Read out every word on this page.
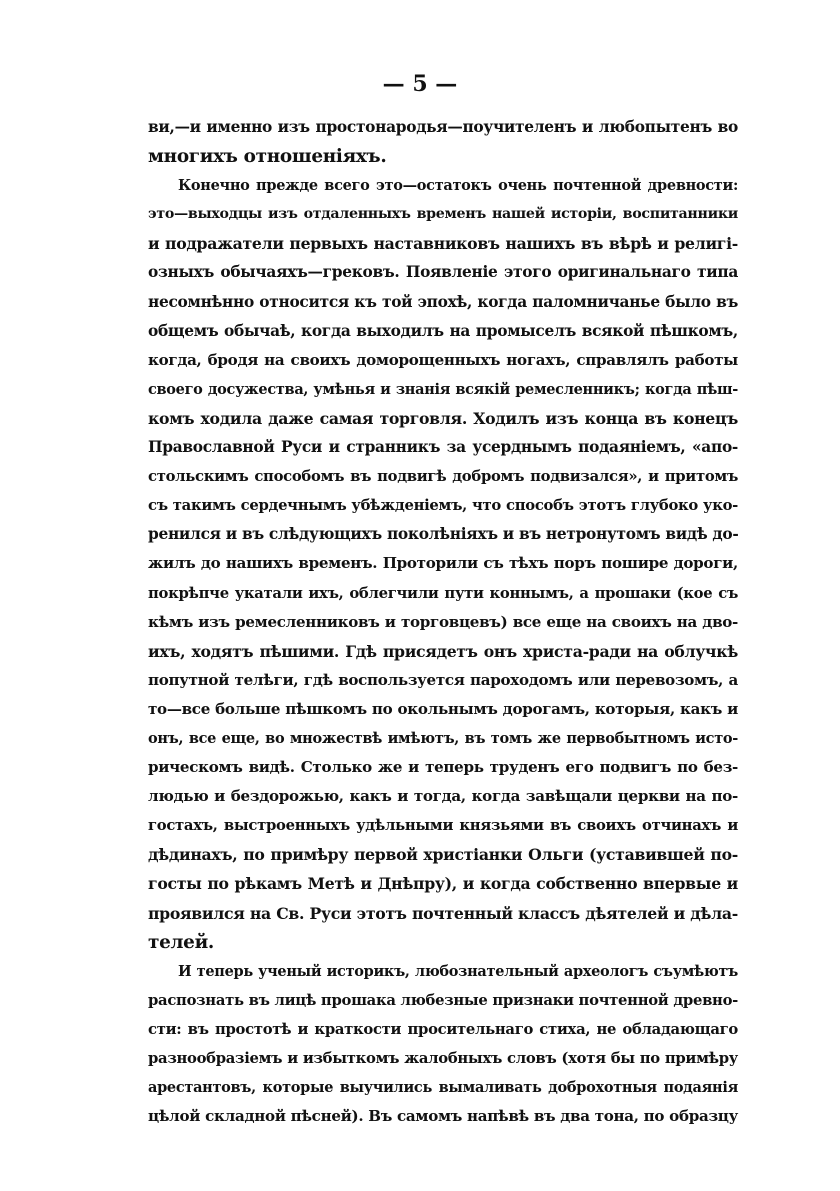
— 5 —
ви,—и именно изъ простонародья—поучителенъ и любопытенъ во
многихъ отношеніяхъ.
Конечно прежде всего это—остатокъ очень почтенной древности:
это—выходцы изъ отдаленныхъ временъ нашей исторіи, воспитанники
и подражатели первыхъ наставниковъ нашихъ въ вѣрѣ и религі-
озныхъ обычаяхъ—грековъ. Появленіе этого оригинальнаго типа
несомнѣнно относится къ той эпохѣ, когда паломничанье было въ
общемъ обычаѣ, когда выходилъ на промыселъ всякой пѣшкомъ,
когда, бродя на своихъ доморощенныхъ ногахъ, справлялъ работы
своего досужества, умѣнья и знанія всякій ремесленникъ; когда пѣш-
комъ ходила даже самая торговля. Ходилъ изъ конца въ конецъ
Православной Руси и странникъ за усерднымъ подаяніемъ, «апо-
стольскимъ способомъ въ подвигѣ добромъ подвизался», и притомъ
съ такимъ сердечнымъ убѣжденіемъ, что способъ этотъ глубоко уко-
ренился и въ слѣдующихъ поколѣніяхъ и въ нетронутомъ видѣ до-
жилъ до нашихъ временъ. Проторили съ тѣхъ поръ пошире дороги,
покрѣпче укатали ихъ, облегчили пути коннымъ, а прошаки (кое съ
кѣмъ изъ ремесленниковъ и торговцевъ) все еще на своихъ на дво-
ихъ, ходятъ пѣшими. Гдѣ присядетъ онъ христа-ради на облучкѣ
попутной телѣги, гдѣ воспользуется пароходомъ или перевозомъ, а
то—все больше пѣшкомъ по окольнымъ дорогамъ, которыя, какъ и
онъ, все еще, во множествѣ имѣютъ, въ томъ же первобытномъ исто-
рическомъ видѣ. Столько же и теперь труденъ его подвигъ по без-
людью и бездорожью, какъ и тогда, когда завѣщали церкви на по-
гостахъ, выстроенныхъ удѣльными князьями въ своихъ отчинахъ и
дѣдинахъ, по примѣру первой христіанки Ольги (уставившей по-
госты по рѣкамъ Метѣ и Днѣпру), и когда собственно впервые и
проявился на Св. Руси этотъ почтенный классъ дѣятелей и дѣла-
телей.
И теперь ученый историкъ, любознательный археологъ съумѣютъ
распознать въ лицѣ прошака любезные признаки почтенной древно-
сти: въ простотѣ и краткости просительнаго стиха, не обладающаго
разнообразіемъ и избыткомъ жалобныхъ словъ (хотя бы по примѣру
арестантовъ, которые выучились вымаливать доброхотныя подаянія
цѣлой складной пѣсней). Въ самомъ напѣвѣ въ два тона, по образцу
